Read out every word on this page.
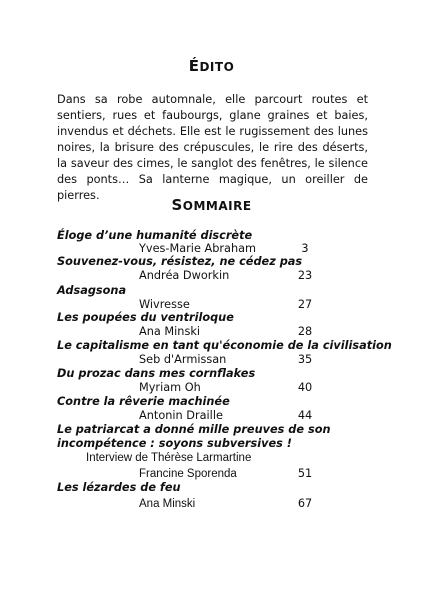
ÉDITO

Dans sa robe automnale, elle parcourt routes et sentiers, rues et faubourgs, glane graines et baies, invendus et déchets. Elle est le rugissement des lunes noires, la brisure des crépuscules, le rire des déserts, la saveur des cimes, le sanglot des fenêtres, le silence des ponts… Sa lanterne magique, un oreiller de pierres.

SOMMAIRE
Éloge d’une humanité discrète
Yves-Marie Abraham	3
Souvenez-vous, résistez, ne cédez pas
Andréa Dworkin	23
Adsagsona
Wivresse	27
Les poupées du ventriloque
Ana Minski	28
Le capitalisme en tant qu'économie de la civilisation
Seb d'Armissan	35
Du prozac dans mes cornflakes
Myriam Oh	40
Contre la rêverie machinée
Antonin Draille	44
Le patriarcat a donné mille preuves de son
incompétence : soyons subversives !
Interview de Thérèse Larmartine
Francine Sporenda	51
Les lézardes de feu
Ana Minski	67
